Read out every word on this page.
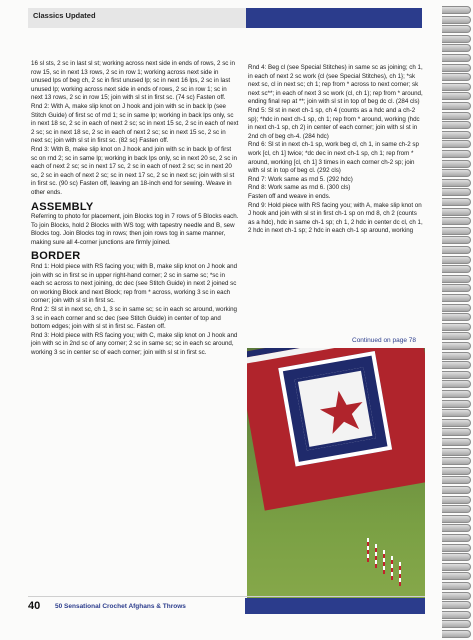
Classics Updated

16 sl sts, 2 sc in last sl st; working across next side in ends of rows, 2 sc in row 15, sc in next 13 rows, 2 sc in row 1; working across next side in unused lps of beg ch, 2 sc in first unused lp; sc in next 16 lps, 2 sc in last unused lp; working across next side in ends of rows, 2 sc in row 1; sc in next 13 rows, 2 sc in row 15; join with sl st in first sc. (74 sc) Fasten off.

Rnd 2: With A, make slip knot on J hook and join with sc in back lp (see Stitch Guide) of first sc of rnd 1; sc in same lp; working in back lps only, sc in next 18 sc, 2 sc in each of next 2 sc; sc in next 15 sc, 2 sc in each of next 2 sc; sc in next 18 sc, 2 sc in each of next 2 sc; sc in next 15 sc, 2 sc in next sc; join with sl st in first sc. (82 sc) Fasten off.

Rnd 3: With B, make slip knot on J hook and join with sc in back lp of first sc on rnd 2; sc in same lp; working in back lps only, sc in next 20 sc, 2 sc in each of next 2 sc; sc in next 17 sc, 2 sc in each of next 2 sc; sc in next 20 sc, 2 sc in each of next 2 sc; sc in next 17 sc, 2 sc in next sc; join with sl st in first sc. (90 sc) Fasten off, leaving an 18-inch end for sewing. Weave in other ends.

ASSEMBLY

Referring to photo for placement, join Blocks tog in 7 rows of 5 Blocks each. To join Blocks, hold 2 Blocks with WS tog; with tapestry needle and B, sew Blocks tog. Join Blocks tog in rows; then join rows tog in same manner, making sure all 4-corner junctions are firmly joined.

BORDER

Rnd 1: Hold piece with RS facing you; with B, make slip knot on J hook and join with sc in first sc in upper right-hand corner; 2 sc in same sc; *sc in each sc across to next joining, dc dec (see Stitch Guide) in next 2 joined sc on working Block and next Block; rep from * across, working 3 sc in each corner; join with sl st in first sc.

Rnd 2: Sl st in next sc, ch 1, 3 sc in same sc; sc in each sc around, working 3 sc in each corner and sc dec (see Stitch Guide) in center of top and bottom edges; join with sl st in first sc. Fasten off.

Rnd 3: Hold piece with RS facing you; with C, make slip knot on J hook and join with sc in 2nd sc of any corner; 2 sc in same sc; sc in each sc around, working 3 sc in center sc of each corner; join with sl st in first sc.

Rnd 4: Beg cl (see Special Stitches) in same sc as joining; ch 1, in each of next 2 sc work {cl (see Special Stitches), ch 1}; *sk next sc, cl in next sc; ch 1; rep from * across to next corner; sk next sc**; in each of next 3 sc work (cl, ch 1); rep from * around, ending final rep at **; join with sl st in top of beg dc cl. (284 cls)

Rnd 5: Sl st in next ch-1 sp, ch 4 (counts as a hdc and a ch-2 sp); *hdc in next ch-1 sp, ch 1; rep from * around, working (hdc in next ch-1 sp, ch 2) in center of each corner; join with sl st in 2nd ch of beg ch-4. (284 hdc)

Rnd 6: Sl st in next ch-1 sp, work beg cl, ch 1, in same ch-2 sp work [cl, ch 1] twice; *dc dec in next ch-1 sp, ch 1; rep from * around, working [cl, ch 1] 3 times in each corner ch-2 sp; join with sl st in top of beg cl. (292 cls)

Rnd 7: Work same as rnd 5. (292 hdc)

Rnd 8: Work same as rnd 6. (300 cls)

Fasten off and weave in ends.

Rnd 9: Hold piece with RS facing you; with A, make slip knot on J hook and join with sl st in first ch-1 sp on rnd 8, ch 2 (counts as a hdc), hdc in same ch-1 sp; ch 1, 2 hdc in center dc cl, ch 1, 2 hdc in next ch-1 sp; 2 hdc in each ch-1 sp around, working

Continued on page 78
40 50 Sensational Crochet Afghans & Throws
